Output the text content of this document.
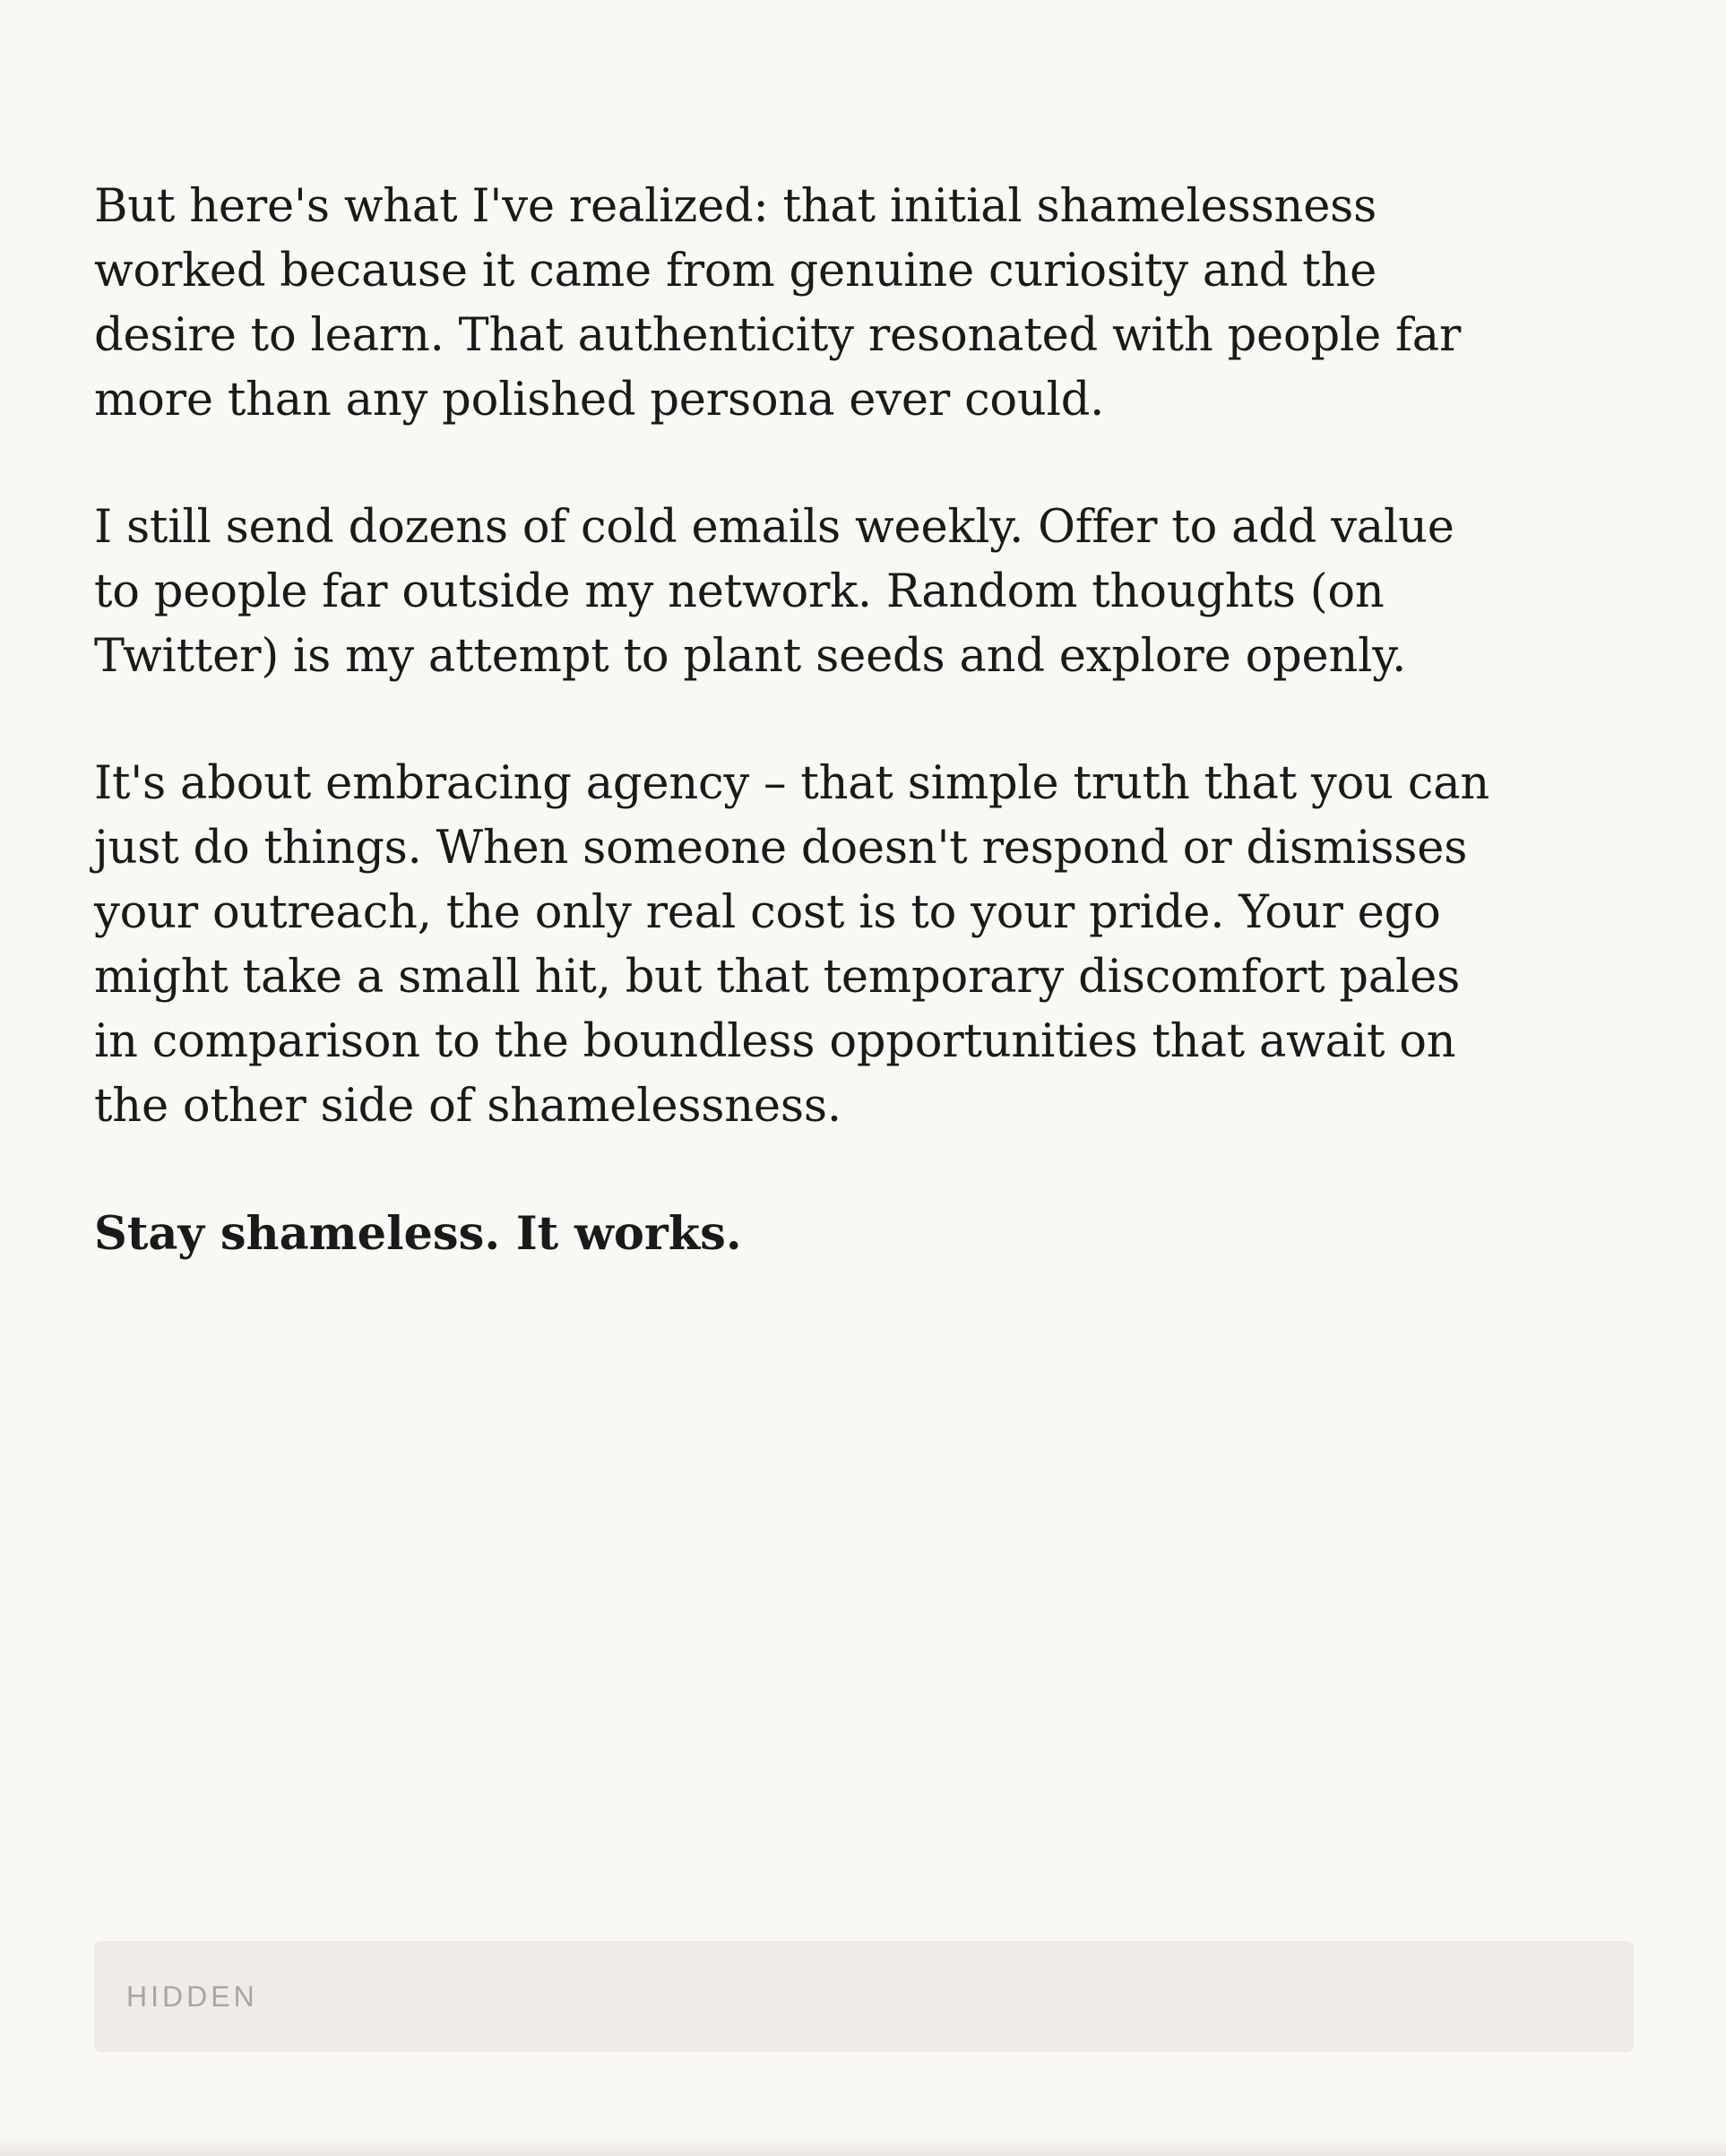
But here's what I've realized: that initial shamelessness worked because it came from genuine curiosity and the desire to learn. That authenticity resonated with people far more than any polished persona ever could.

I still send dozens of cold emails weekly. Offer to add value to people far outside my network. Random thoughts (on Twitter) is my attempt to plant seeds and explore openly.

It's about embracing agency – that simple truth that you can just do things. When someone doesn't respond or dismisses your outreach, the only real cost is to your pride. Your ego might take a small hit, but that temporary discomfort pales in comparison to the boundless opportunities that await on the other side of shamelessness.

Stay shameless. It works.

HIDDEN
